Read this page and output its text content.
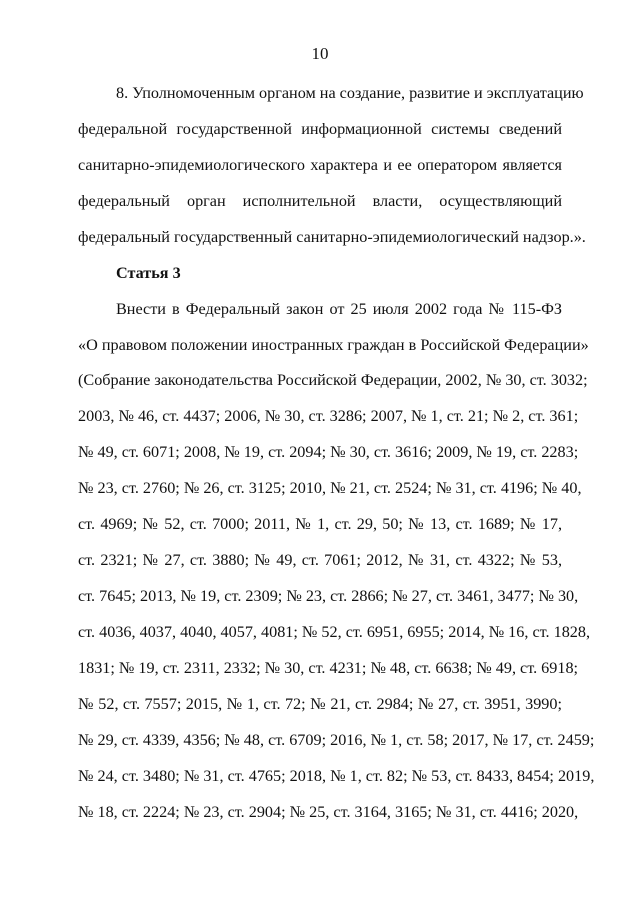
10
8. Уполномоченным органом на создание, развитие и эксплуатацию
федеральной государственной информационной системы сведений
санитарно-эпидемиологического характера и ее оператором является
федеральный орган исполнительной власти, осуществляющий
федеральный государственный санитарно-эпидемиологический надзор.».
Статья 3
Внести в Федеральный закон от 25 июля 2002 года № 115-ФЗ
«О правовом положении иностранных граждан в Российской Федерации»
(Собрание законодательства Российской Федерации, 2002, № 30, ст. 3032;
2003, № 46, ст. 4437; 2006, № 30, ст. 3286; 2007, № 1, ст. 21; № 2, ст. 361;
№ 49, ст. 6071; 2008, № 19, ст. 2094; № 30, ст. 3616; 2009, № 19, ст. 2283;
№ 23, ст. 2760; № 26, ст. 3125; 2010, № 21, ст. 2524; № 31, ст. 4196; № 40,
ст. 4969; № 52, ст. 7000; 2011, № 1, ст. 29, 50; № 13, ст. 1689; № 17,
ст. 2321; № 27, ст. 3880; № 49, ст. 7061; 2012, № 31, ст. 4322; № 53,
ст. 7645; 2013, № 19, ст. 2309; № 23, ст. 2866; № 27, ст. 3461, 3477; № 30,
ст. 4036, 4037, 4040, 4057, 4081; № 52, ст. 6951, 6955; 2014, № 16, ст. 1828,
1831; № 19, ст. 2311, 2332; № 30, ст. 4231; № 48, ст. 6638; № 49, ст. 6918;
№ 52, ст. 7557; 2015, № 1, ст. 72; № 21, ст. 2984; № 27, ст. 3951, 3990;
№ 29, ст. 4339, 4356; № 48, ст. 6709; 2016, № 1, ст. 58; 2017, № 17, ст. 2459;
№ 24, ст. 3480; № 31, ст. 4765; 2018, № 1, ст. 82; № 53, ст. 8433, 8454; 2019,
№ 18, ст. 2224; № 23, ст. 2904; № 25, ст. 3164, 3165; № 31, ст. 4416; 2020,
